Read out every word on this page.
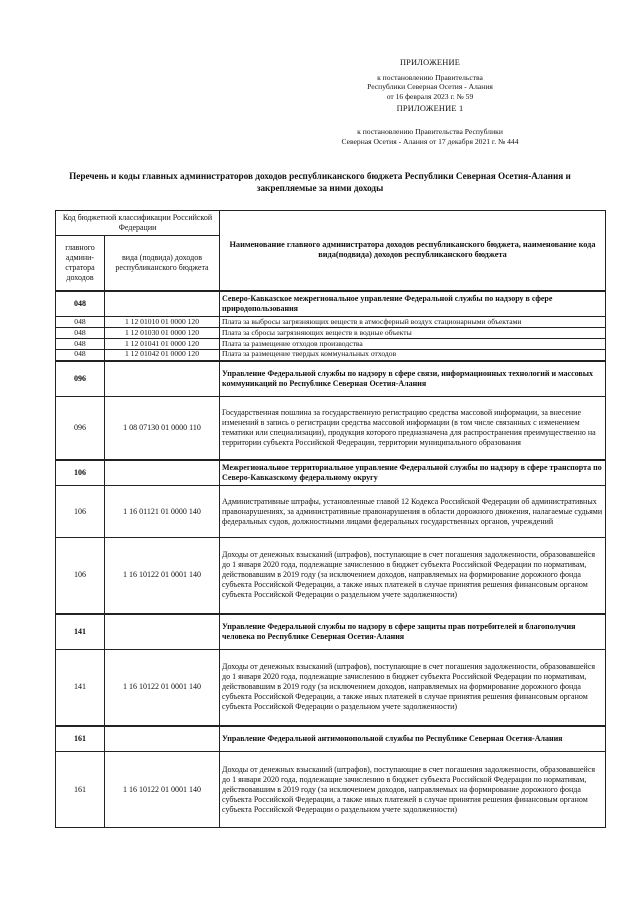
ПРИЛОЖЕНИЕ
к постановлению Правительства
Республики Северная Осетия - Алания
от 16 февраля 2023 г. № 59
ПРИЛОЖЕНИЕ 1
к постановлению Правительства Республики
Северная Осетия - Алания от 17 декабря 2021 г. № 444
Перечень и коды главных администраторов доходов республиканского бюджета Республики Северная Осетия-Алания и
закрепляемые за ними доходы
Код бюджетной классификации Российской Федерации		Наименование главного администратора доходов республиканского бюджета, наименование кода вида(подвида) доходов республиканского бюджета
главного админи-стратора доходов	вида (подвида) доходов республиканского бюджета	
048		Северо-Кавказское межрегиональное управление Федеральной службы по надзору в сфере природопользования
048	1 12 01010 01 0000 120	Плата за выбросы загрязняющих веществ в атмосферный воздух стационарными объектами
048	1 12 01030 01 0000 120	Плата за сбросы загрязняющих веществ в водные объекты
048	1 12 01041 01 0000 120	Плата за размещение отходов производства
048	1 12 01042 01 0000 120	Плата за размещение твердых коммунальных отходов
096		Управление Федеральной службы по надзору в сфере связи, информационных технологий и массовых коммуникаций по Республике Северная Осетия-Алания
096	1 08 07130 01 0000 110	Государственная пошлина за государственную регистрацию средства массовой информации, за внесение изменений в запись о регистрации средства массовой информации (в том числе связанных с изменением тематики или специализации), продукция которого предназначена для распространения преимущественно на территории субъекта Российской Федерации, территории муниципального образования
106		Межрегиональное территориальное управление Федеральной службы по надзору в сфере транспорта по Северо-Кавказскому федеральному округу
106	1 16 01121 01 0000 140	Административные штрафы, установленные главой 12 Кодекса Российской Федерации об административных правонарушениях, за административные правонарушения в области дорожного движения, налагаемые судьями федеральных судов, должностными лицами федеральных государственных органов, учреждений
106	1 16 10122 01 0001 140	Доходы от денежных взысканий (штрафов), поступающие в счет погашения задолженности, образовавшейся до 1 января 2020 года, подлежащие зачислению в бюджет субъекта Российской Федерации по нормативам, действовавшим в 2019 году (за исключением доходов, направляемых на формирование дорожного фонда субъекта Российской Федерации, а также иных платежей в случае принятия решения финансовым органом субъекта Российской Федерации о раздельном учете задолженности)
141		Управление Федеральной службы по надзору в сфере защиты прав потребителей и благополучия человека по Республике Северная Осетия-Алания
141	1 16 10122 01 0001 140	Доходы от денежных взысканий (штрафов), поступающие в счет погашения задолженности, образовавшейся до 1 января 2020 года, подлежащие зачислению в бюджет субъекта Российской Федерации по нормативам, действовавшим в 2019 году (за исключением доходов, направляемых на формирование дорожного фонда субъекта Российской Федерации, а также иных платежей в случае принятия решения финансовым органом субъекта Российской Федерации о раздельном учете задолженности)
161		Управление Федеральной антимонопольной службы по Республике Северная Осетия-Алания
161	1 16 10122 01 0001 140	Доходы от денежных взысканий (штрафов), поступающие в счет погашения задолженности, образовавшейся до 1 января 2020 года, подлежащие зачислению в бюджет субъекта Российской Федерации по нормативам, действовавшим в 2019 году (за исключением доходов, направляемых на формирование дорожного фонда субъекта Российской Федерации, а также иных платежей в случае принятия решения финансовым органом субъекта Российской Федерации о раздельном учете задолженности)
